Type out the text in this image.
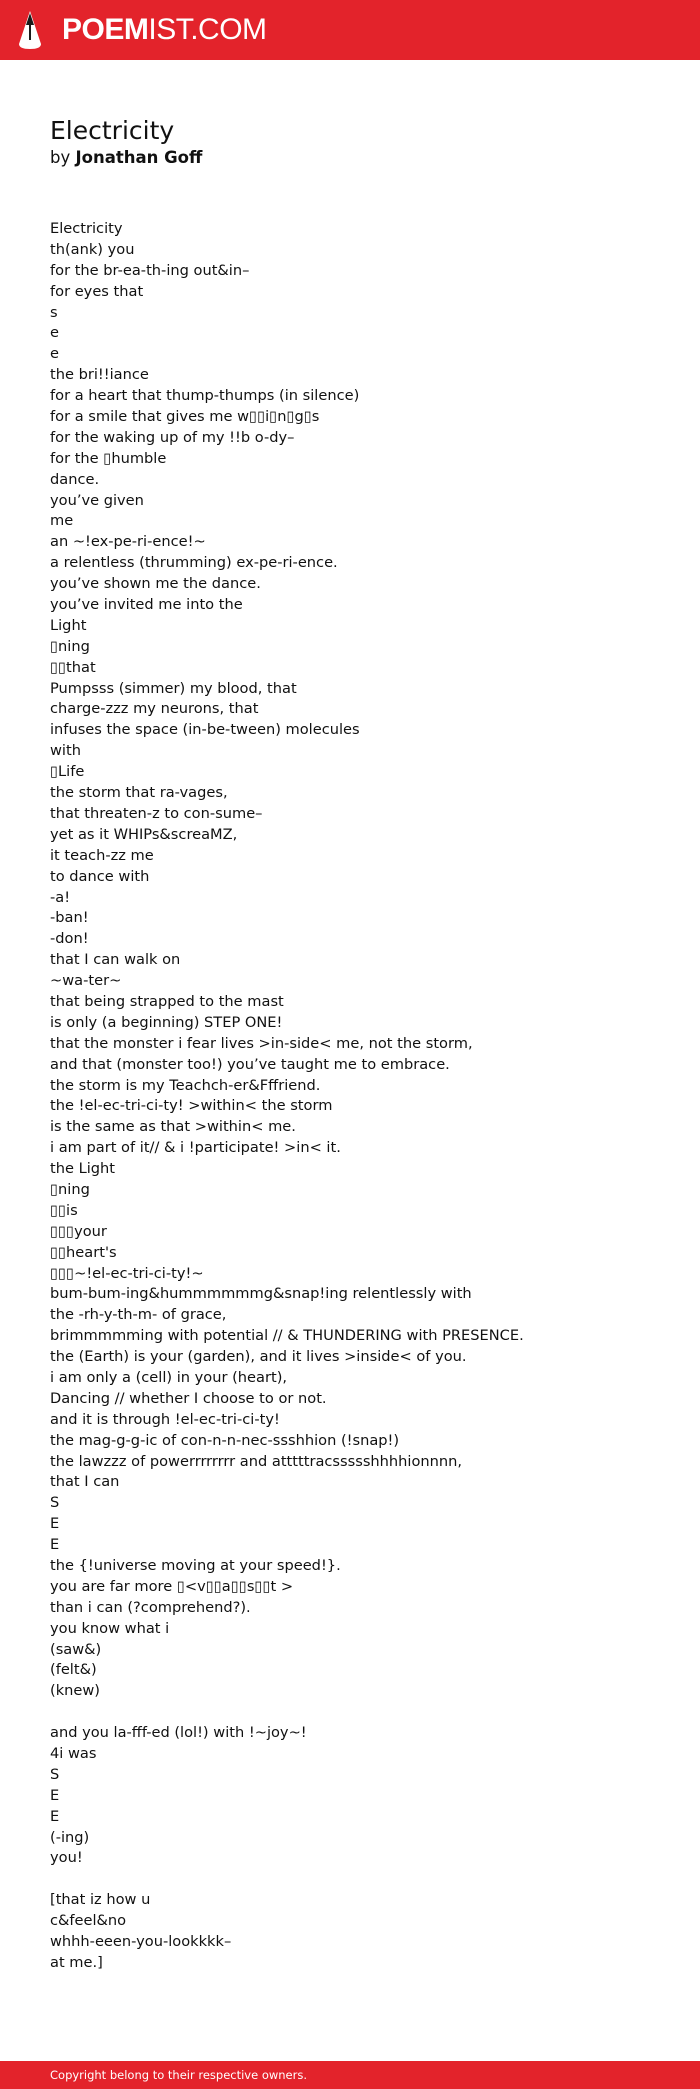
POEMIST.COM
Electricity
by Jonathan Goff
Electricity
th(ank) you
for the br-ea-th-ing out&in–
for eyes that
s
e
e
the bri!!iance
for a heart that thump-thumps (in silence)
for a smile that gives me w▯▯i▯n▯g▯s
for the waking up of my !!b o-dy–
for the ▯humble
dance.
you’ve given
me
an ~!ex-pe-ri-ence!~
a relentless (thrumming) ex-pe-ri-ence.
you’ve shown me the dance.
you’ve invited me into the
Light
▯ning
▯▯that
Pumpsss (simmer) my blood, that
charge-zzz my neurons, that
infuses the space (in-be-tween) molecules
with
▯Life
the storm that ra-vages,
that threaten-z to con-sume–
yet as it WHIPs&screaMZ,
it teach-zz me
to dance with
-a!
-ban!
-don!
that I can walk on
~wa-ter~
that being strapped to the mast
is only (a beginning) STEP ONE!
that the monster i fear lives >in-side< me, not the storm,
and that (monster too!) you’ve taught me to embrace.
the storm is my Teachch-er&Fffriend.
the !el-ec-tri-ci-ty! >within< the storm
is the same as that >within< me.
i am part of it// & i !participate! >in< it.
the Light
▯ning
▯▯is
▯▯▯your
▯▯heart's
▯▯▯~!el-ec-tri-ci-ty!~
bum-bum-ing&hummmmmmg&snap!ing relentlessly with
the -rh-y-th-m- of grace,
brimmmmming with potential // & THUNDERING with PRESENCE.
the (Earth) is your (garden), and it lives >inside< of you.
i am only a (cell) in your (heart),
Dancing // whether I choose to or not.
and it is through !el-ec-tri-ci-ty!
the mag-g-g-ic of con-n-n-nec-ssshhion (!snap!)
the lawzzz of powerrrrrrrr and atttttracssssshhhhionnnn,
that I can
S
E
E
the {!universe moving at your speed!}.
you are far more ▯<v▯▯a▯▯s▯▯t >
than i can (?comprehend?).
you know what i
(saw&)
(felt&)
(knew)
and you la-fff-ed (lol!) with !~joy~!
4i was
S
E
E
(-ing)
you!
[that iz how u
c&feel&no
whhh-eeen-you-lookkkk–
at me.]
Copyright belong to their respective owners.
